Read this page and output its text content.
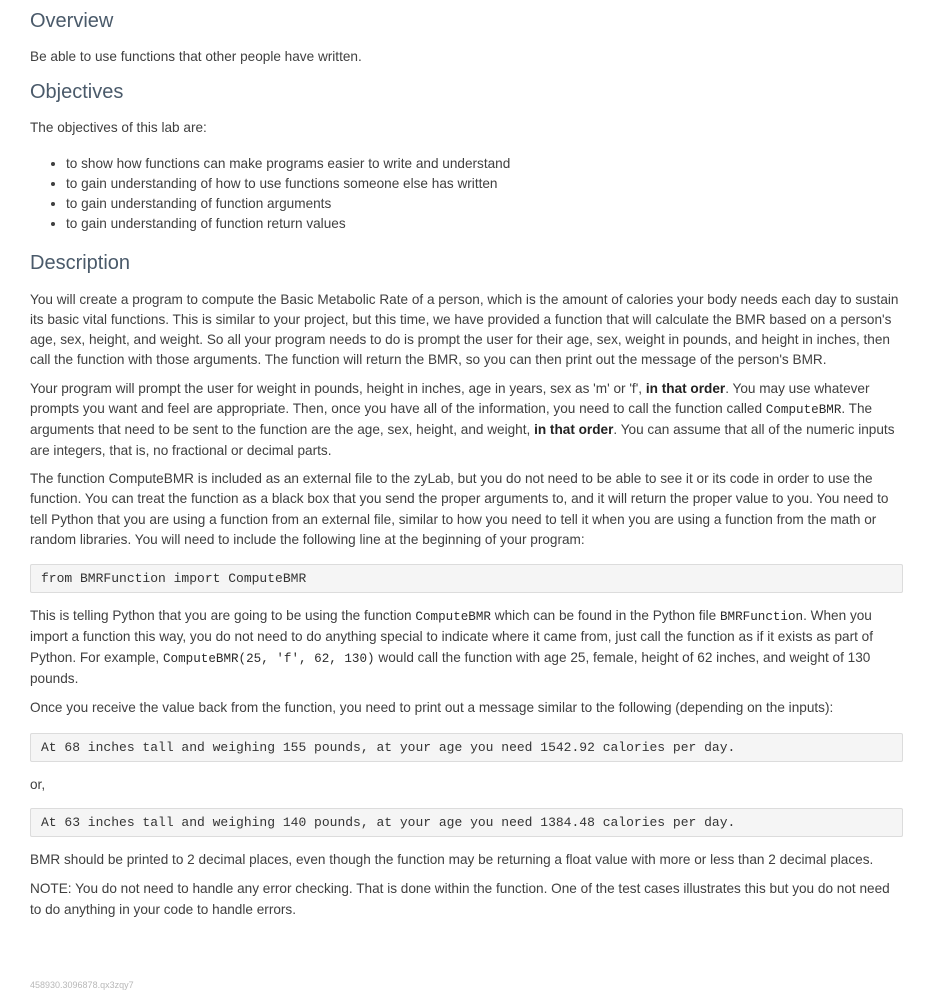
Overview

Be able to use functions that other people have written.

Objectives

The objectives of this lab are:

• to show how functions can make programs easier to write and understand
• to gain understanding of how to use functions someone else has written
• to gain understanding of function arguments
• to gain understanding of function return values
Description

You will create a program to compute the Basic Metabolic Rate of a person, which is the amount of calories your body needs each day to sustain its basic vital functions. This is similar to your project, but this time, we have provided a function that will calculate the BMR based on a person's age, sex, height, and weight. So all your program needs to do is prompt the user for their age, sex, weight in pounds, and height in inches, then call the function with those arguments. The function will return the BMR, so you can then print out the message of the person's BMR.

Your program will prompt the user for weight in pounds, height in inches, age in years, sex as 'm' or 'f', in that order. You may use whatever prompts you want and feel are appropriate. Then, once you have all of the information, you need to call the function called ComputeBMR. The arguments that need to be sent to the function are the age, sex, height, and weight, in that order. You can assume that all of the numeric inputs are integers, that is, no fractional or decimal parts.

The function ComputeBMR is included as an external file to the zyLab, but you do not need to be able to see it or its code in order to use the function. You can treat the function as a black box that you send the proper arguments to, and it will return the proper value to you. You need to tell Python that you are using a function from an external file, similar to how you need to tell it when you are using a function from the math or random libraries. You will need to include the following line at the beginning of your program:

from BMRFunction import ComputeBMR

This is telling Python that you are going to be using the function ComputeBMR which can be found in the Python file BMRFunction. When you import a function this way, you do not need to do anything special to indicate where it came from, just call the function as if it exists as part of Python. For example, ComputeBMR(25, 'f', 62, 130) would call the function with age 25, female, height of 62 inches, and weight of 130 pounds.

Once you receive the value back from the function, you need to print out a message similar to the following (depending on the inputs):

At 68 inches tall and weighing 155 pounds, at your age you need 1542.92 calories per day.

or,

At 63 inches tall and weighing 140 pounds, at your age you need 1384.48 calories per day.

BMR should be printed to 2 decimal places, even though the function may be returning a float value with more or less than 2 decimal places.

NOTE: You do not need to handle any error checking. That is done within the function. One of the test cases illustrates this but you do not need to do anything in your code to handle errors.

458930.3096878.qx3zqy7
